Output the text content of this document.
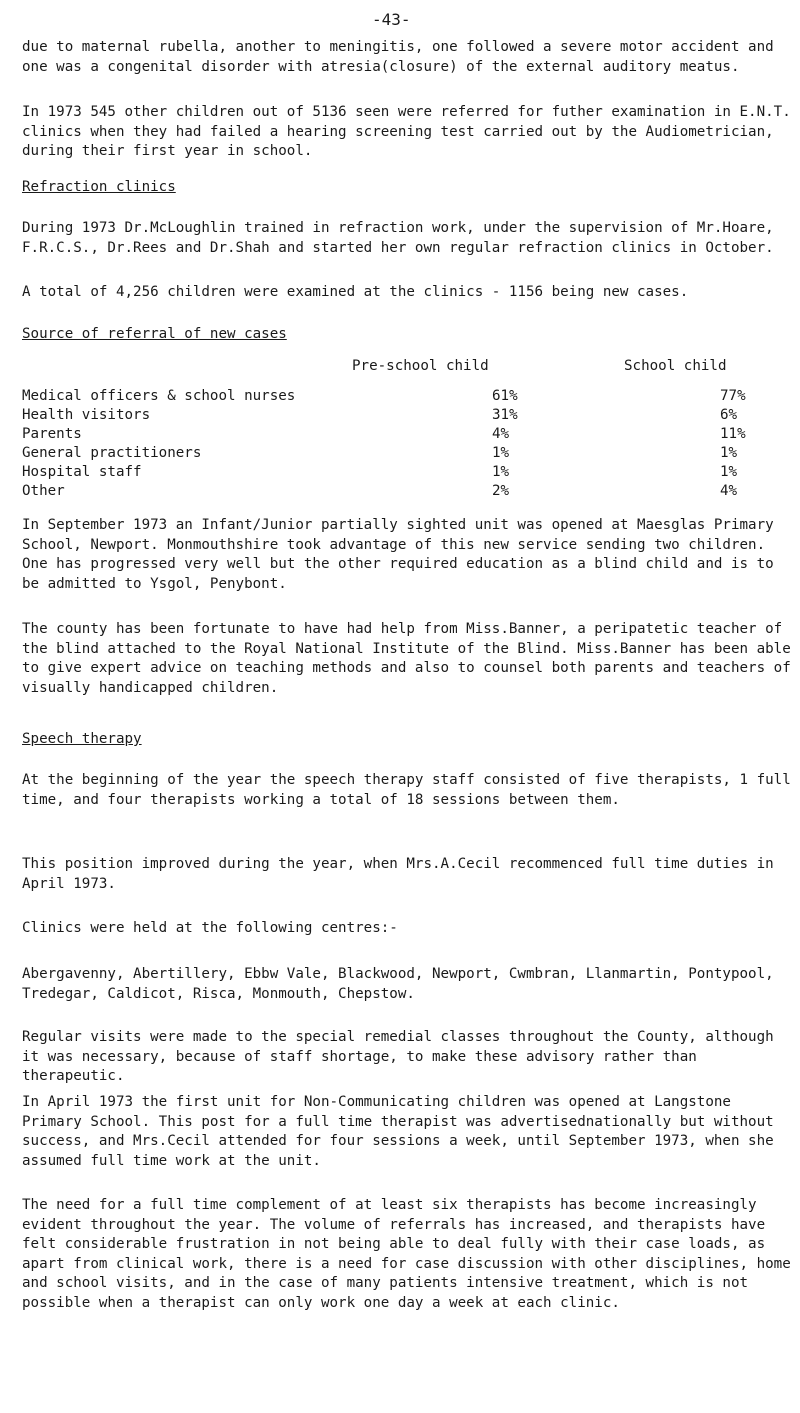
-43-

due to maternal rubella, another to meningitis, one followed a severe motor accident and one was a congenital disorder with atresia(closure) of the external auditory meatus.

In 1973 545 other children out of 5136 seen were referred for futher examination in E.N.T. clinics when they had failed a hearing screening test carried out by the Audiometrician, during their first year in school.

Refraction clinics

During 1973 Dr.McLoughlin trained in refraction work, under the supervision of Mr.Hoare, F.R.C.S., Dr.Rees and Dr.Shah and started her own regular refraction clinics in October.

A total of 4,256 children were examined at the clinics - 1156 being new cases.

Source of referral of new cases

Pre-school child	School child
Medical officers & school nurses	61%	77%
Health visitors	31%	6%
Parents	4%	11%
General practitioners	1%	1%
Hospital staff	1%	1%
Other	2%	4%

In September 1973 an Infant/Junior partially sighted unit was opened at Maesglas Primary School, Newport. Monmouthshire took advantage of this new service sending two children. One has progressed very well but the other required education as a blind child and is to be admitted to Ysgol, Penybont.

The county has been fortunate to have had help from Miss.Banner, a peripatetic teacher of the blind attached to the Royal National Institute of the Blind. Miss.Banner has been able to give expert advice on teaching methods and also to counsel both parents and teachers of visually handicapped children.

Speech therapy

At the beginning of the year the speech therapy staff consisted of five therapists, 1 full time, and four therapists working a total of 18 sessions between them.

This position improved during the year, when Mrs.A.Cecil recommenced full time duties in April 1973.

Clinics were held at the following centres:-

Abergavenny, Abertillery, Ebbw Vale, Blackwood, Newport, Cwmbran, Llanmartin, Pontypool, Tredegar, Caldicot, Risca, Monmouth, Chepstow.

Regular visits were made to the special remedial classes throughout the County, although it was necessary, because of staff shortage, to make these advisory rather than therapeutic.

In April 1973 the first unit for Non-Communicating children was opened at Langstone Primary School. This post for a full time therapist was advertisednationally but without success, and Mrs.Cecil attended for four sessions a week, until September 1973, when she assumed full time work at the unit.

The need for a full time complement of at least six therapists has become increasingly evident throughout the year. The volume of referrals has increased, and therapists have felt considerable frustration in not being able to deal fully with their case loads, as apart from clinical work, there is a need for case discussion with other disciplines, home and school visits, and in the case of many patients intensive treatment, which is not possible when a therapist can only work one day a week at each clinic.
